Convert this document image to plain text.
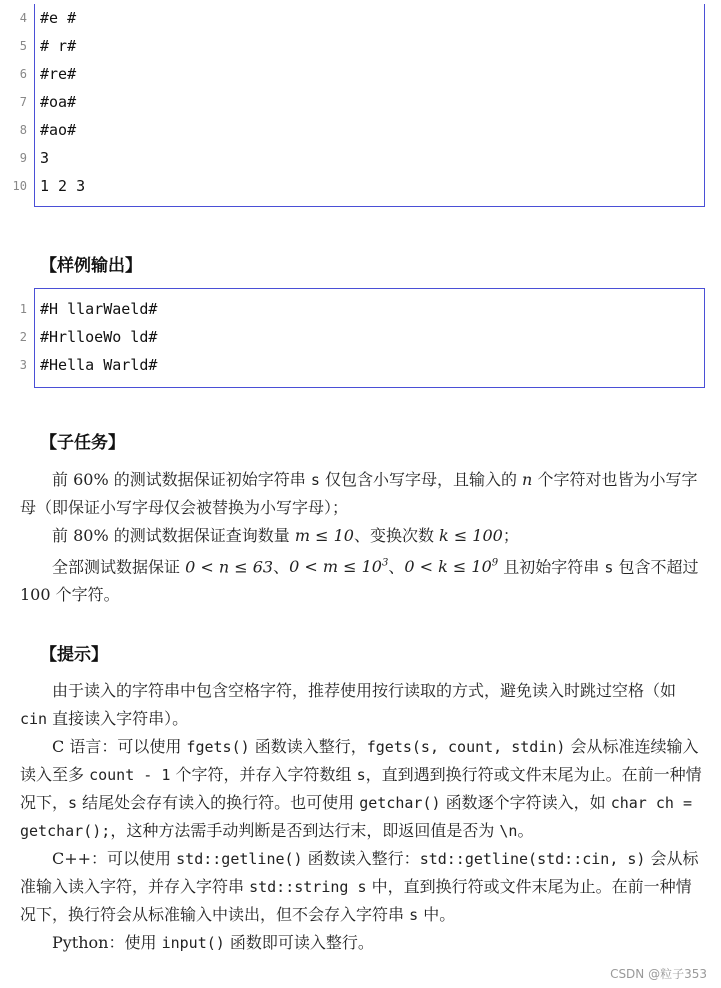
4 #e #
5 # r#
6 #re#
7 #oa#
8 #ao#
9 3
10 1 2 3
【样例输出】
1 #H llarWaeld#
2 #HrlloeWo ld#
3 #Hella Warld#
【子任务】

前 60% 的测试数据保证初始字符串 s 仅包含小写字母，且输入的 n 个字符对也皆为小写字母（即保证小写字母仅会被替换为小写字母）；

前 80% 的测试数据保证查询数量 m ≤ 10、变换次数 k ≤ 100；

全部测试数据保证 0 < n ≤ 63、$0 < m \le 10^3$、$0 < k \le 10^9$ 且初始字符串 s 包含不超过 100 个字符。

【提示】

由于读入的字符串中包含空格字符，推荐使用按行读取的方式，避免读入时跳过空格（如 cin 直接读入字符串）。

C 语言：可以使用 fgets() 函数读入整行，fgets(s, count, stdin) 会从标准连续输入读入至多 count - 1 个字符，并存入字符数组 s，直到遇到换行符或文件末尾为止。在前一种情况下，s 结尾处会存有读入的换行符。也可使用 getchar() 函数逐个字符读入，如 char ch = getchar();，这种方法需手动判断是否到达行末，即返回值是否为 \n。

C++：可以使用 std::getline() 函数读入整行：std::getline(std::cin, s) 会从标准输入读入字符，并存入字符串 std::string s 中，直到换行符或文件末尾为止。在前一种情况下，换行符会从标准输入中读出，但不会存入字符串 s 中。

Python：使用 input() 函数即可读入整行。

CSDN @粒子353
